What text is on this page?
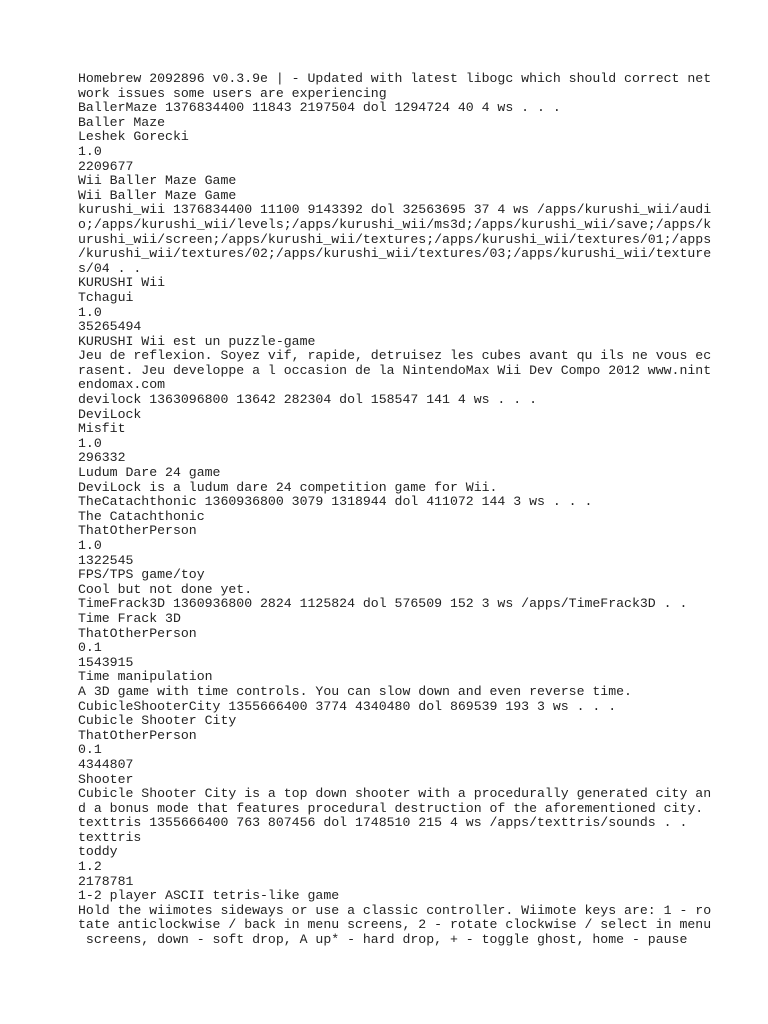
Homebrew 2092896 v0.3.9e | - Updated with latest libogc which should correct net
work issues some users are experiencing
BallerMaze 1376834400 11843 2197504 dol 1294724 40 4 ws . . .
Baller Maze
Leshek Gorecki
1.0
2209677
Wii Baller Maze Game
Wii Baller Maze Game
kurushi_wii 1376834400 11100 9143392 dol 32563695 37 4 ws /apps/kurushi_wii/audi
o;/apps/kurushi_wii/levels;/apps/kurushi_wii/ms3d;/apps/kurushi_wii/save;/apps/k
urushi_wii/screen;/apps/kurushi_wii/textures;/apps/kurushi_wii/textures/01;/apps
/kurushi_wii/textures/02;/apps/kurushi_wii/textures/03;/apps/kurushi_wii/texture
s/04 . .
KURUSHI Wii
Tchagui
1.0
35265494
KURUSHI Wii est un puzzle-game
Jeu de reflexion. Soyez vif, rapide, detruisez les cubes avant qu ils ne vous ec
rasent. Jeu developpe a l occasion de la NintendoMax Wii Dev Compo 2012 www.nint
endomax.com
devilock 1363096800 13642 282304 dol 158547 141 4 ws . . .
DeviLock
Misfit
1.0
296332
Ludum Dare 24 game
DeviLock is a ludum dare 24 competition game for Wii.
TheCatachthonic 1360936800 3079 1318944 dol 411072 144 3 ws . . .
The Catachthonic
ThatOtherPerson
1.0
1322545
FPS/TPS game/toy
Cool but not done yet.
TimeFrack3D 1360936800 2824 1125824 dol 576509 152 3 ws /apps/TimeFrack3D . .
Time Frack 3D
ThatOtherPerson
0.1
1543915
Time manipulation
A 3D game with time controls. You can slow down and even reverse time.
CubicleShooterCity 1355666400 3774 4340480 dol 869539 193 3 ws . . .
Cubicle Shooter City
ThatOtherPerson
0.1
4344807
Shooter
Cubicle Shooter City is a top down shooter with a procedurally generated city an
d a bonus mode that features procedural destruction of the aforementioned city.
texttris 1355666400 763 807456 dol 1748510 215 4 ws /apps/texttris/sounds . .
texttris
toddy
1.2
2178781
1-2 player ASCII tetris-like game
Hold the wiimotes sideways or use a classic controller. Wiimote keys are: 1 - ro
tate anticlockwise / back in menu screens, 2 - rotate clockwise / select in menu
screens, down - soft drop, A up* - hard drop, + - toggle ghost, home - pause
